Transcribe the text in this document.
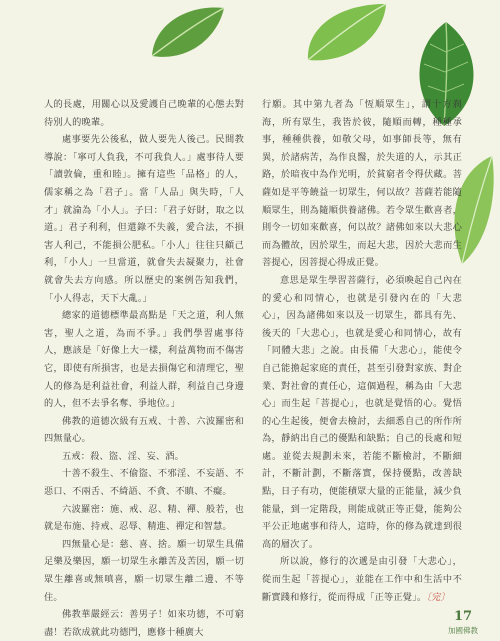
人的長處，用關心以及愛護自己晚輩的心態去對待別人的晚輩。

處事要先公後私，做人要先人後己。民間教導說：「寧可人負我，不可我負人。」處事待人要「讀敦倫，重和睦」。擁有這些「品格」的人，儒家稱之為「君子」。當「人品」與失時，「人才」就淪為「小人」。子曰：「君子好財，取之以道。」君子利利，但還錄不失義，愛合法，不損害人利己，不能損公肥私。「小人」往往只顧己利，「小人」一旦當道，就會失去凝聚力，社會就會失去方向感。所以歷史的案例告知我們，「小人得志，天下大亂。」

總家的道德標準最高點是「天之道，利人無害，聖人之道，為而不爭。」我們學習處事待人，應該是「好像上大一樣，利益萬物而不傷害它，即使有所損害，也是去損傷它和清理它，聖人的修為是利益社會，利益人群，利益自己身邊的人，但不去爭名奪、爭地位。」

佛教的道德次級有五戒、十善、六波羅密和四無量心。

五戒：殺、盜、淫、妄、酒。

十善不殺生、不偷盜、不邪淫、不妄語、不惡口、不兩舌、不綺語、不貪、不瞋、不癡。

六波羅密：施、戒、忍、精、禪、般若，也就是布施、持戒、忍辱、精進、禪定和智慧。

四無量心是：慈、喜、捨。願一切眾生具備足樂及樂因，願一切眾生永離苦及苦因，願一切眾生離喜或無嗔喜，願一切眾生離二邊、不等住。

佛教華嚴經云：善男子！如來功德，不可窮盡！若欲成就此功德門，應修十種廣大

行願。其中第九者為「恆順眾生」，謂十方刹海，所有眾生，我皆於彼，隨順而轉，種種承事，種種供養，如敬父母，如事師長等，無有異，於諸病苦，為作良醫，於失道的人，示其正路，於暗夜中為作光明，於貧窮者令得伏藏。菩薩如是平等饒益一切眾生，何以故？菩薩若能隨順眾生，則為隨順供養諸佛。若令眾生歡喜者，則令一切如來歡喜，何以故？諸佛如來以大悲心而為體故，因於眾生，而起大悲，因於大悲而生菩提心，因菩提心得成正覺。

意思是眾生學習菩薩行，必須喚起自己內在的愛心和同情心，也就是引發內在的「大悲心」，因為諸佛如來以及一切眾生，都具有先、後天的「大悲心」，也就是愛心和同情心，故有「同體大悲」之說。由長備「大悲心」，能使令自己能擔起家庭的責任，甚至引發對家族、對企業、對社會的責任心，這個過程，稱為由「大悲心」而生起「菩提心」，也就是覺悟的心。覺悟的心生起後，便會去檢討，去細悉自己的所作所為，靜納出自己的優點和缺點；自己的長處和短處。並從去規劃未來，若能不斷檢討，不斷細計，不斷計劃，不斷落實，保持優點，改善缺點，日子有功，便能積眾大量的正能量，減少負能量，到一定階段，則能成就正等正覺，能夠公平公正地處事和待人，這時，你的修為就達到很高的層次了。

所以說，修行的次遞是由引發「大悲心」，從而生起「菩提心」，並能在工作中和生活中不斷實踐和修行，從而得成「正等正覺」。〔完〕

17
加國佛教
